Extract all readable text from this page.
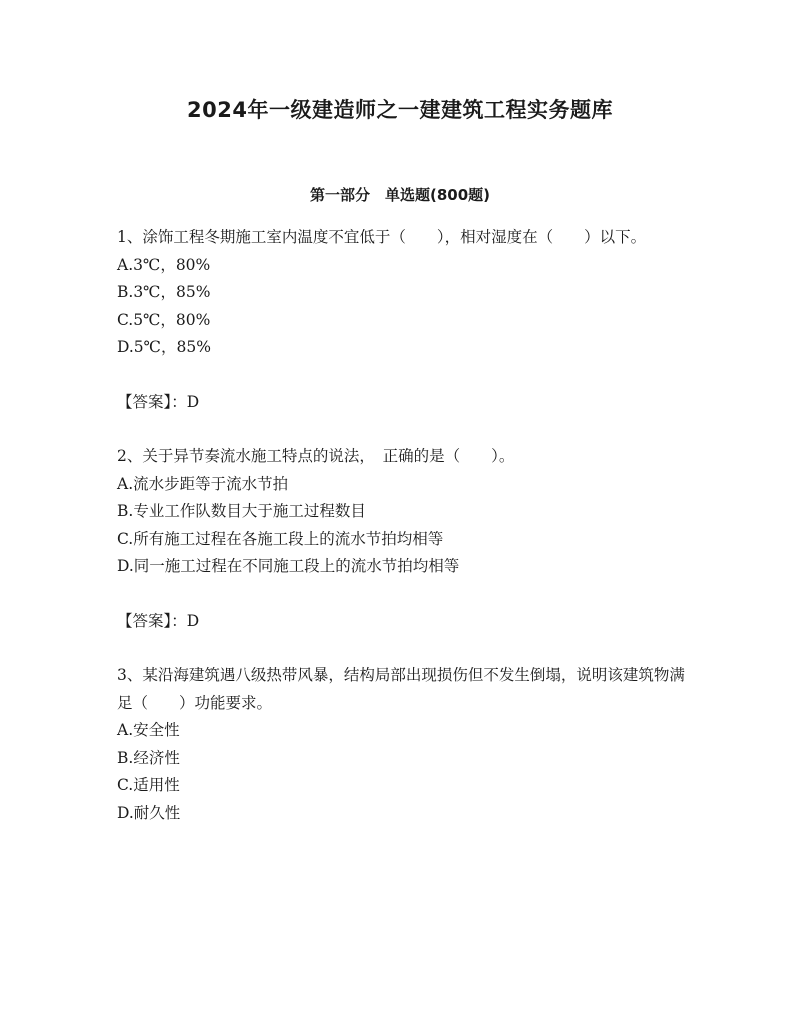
2024年一级建造师之一建建筑工程实务题库
第一部分　单选题(800题)

1、涂饰工程冬期施工室内温度不宜低于（　　），相对湿度在（　　）以下。

A.3℃，80%

B.3℃，85%

C.5℃，80%

D.5℃，85%

【答案】：D

2、关于异节奏流水施工特点的说法，　正确的是（　　）。

A.流水步距等于流水节拍

B.专业工作队数目大于施工过程数目

C.所有施工过程在各施工段上的流水节拍均相等

D.同一施工过程在不同施工段上的流水节拍均相等

【答案】：D

3、某沿海建筑遇八级热带风暴，结构局部出现损伤但不发生倒塌，说明该建筑物满足（　　）功能要求。

A.安全性

B.经济性

C.适用性

D.耐久性
